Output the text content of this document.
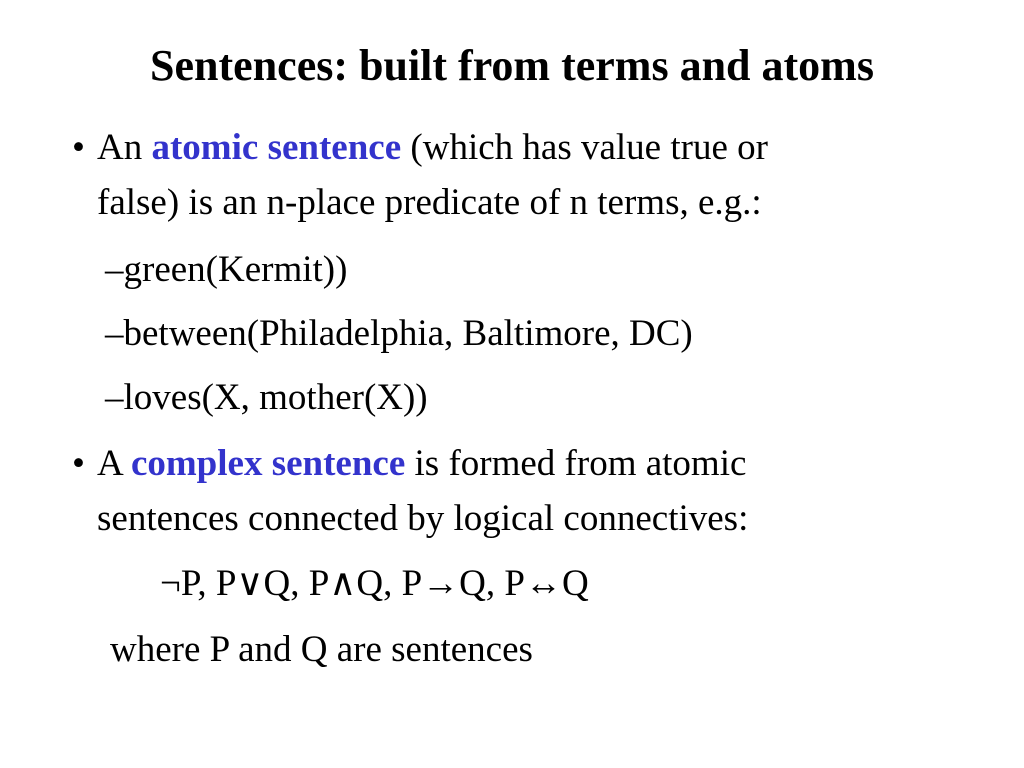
Sentences: built from terms and atoms
• An atomic sentence (which has value true or
false) is an n-place predicate of n terms, e.g.:
–green(Kermit))
–between(Philadelphia, Baltimore, DC)
–loves(X, mother(X))
• A complex sentence is formed from atomic
sentences connected by logical connectives:
¬P, P∨Q, P∧Q, P→Q, P↔Q
where P and Q are sentences
